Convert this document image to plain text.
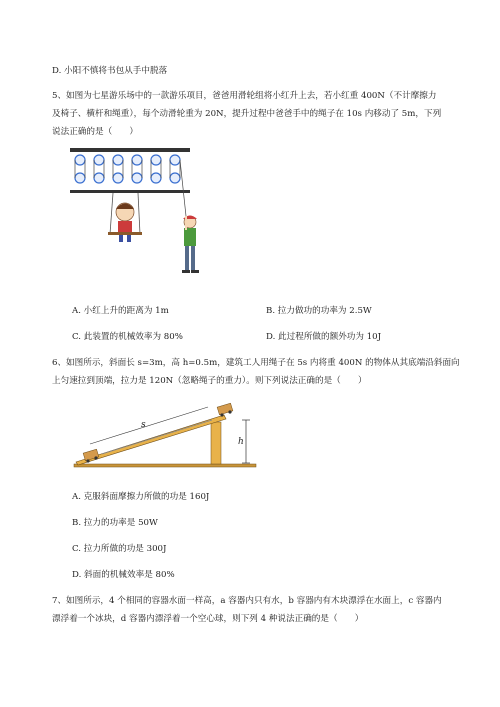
D. 小阳不慎将书包从手中脱落
5、如图为七星游乐场中的一款游乐项目，爸爸用滑轮组将小红升上去，若小红重 400N（不计摩擦力
及椅子、横杆和绳重），每个动滑轮重为 20N，提升过程中爸爸手中的绳子在 10s 内移动了 5m，下列
说法正确的是（　　）
A. 小红上升的距离为 1m	B. 拉力做功的功率为 2.5W
C. 此装置的机械效率为 80%	D. 此过程所做的额外功为 10J
6、如图所示，斜面长 s=3m，高 h=0.5m，建筑工人用绳子在 5s 内将重 400N 的物体从其底端沿斜面向
上匀速拉到顶端，拉力是 120N（忽略绳子的重力）。则下列说法正确的是（　　）
h
s
A. 克服斜面摩擦力所做的功是 160J
B. 拉力的功率是 50W
C. 拉力所做的功是 300J
D. 斜面的机械效率是 80%
7、如图所示，4 个相同的容器水面一样高，a 容器内只有水，b 容器内有木块漂浮在水面上，c 容器内
漂浮着一个冰块，d 容器内漂浮着一个空心球，则下列 4 种说法正确的是（　　）
